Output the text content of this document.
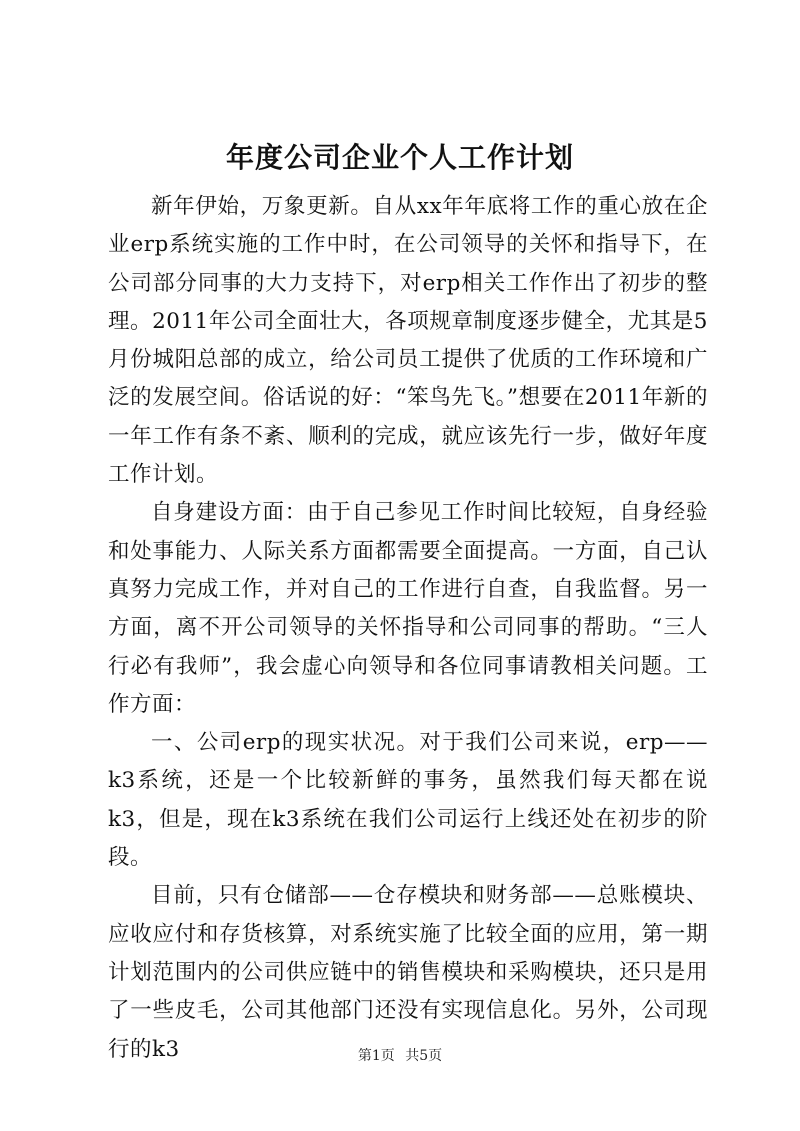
年度公司企业个人工作计划

新年伊始，万象更新。自从xx年年底将工作的重心放在企业erp系统实施的工作中时，在公司领导的关怀和指导下，在公司部分同事的大力支持下，对erp相关工作作出了初步的整理。2011年公司全面壮大，各项规章制度逐步健全，尤其是5月份城阳总部的成立，给公司员工提供了优质的工作环境和广泛的发展空间。俗话说的好：“笨鸟先飞。”想要在2011年新的一年工作有条不紊、顺利的完成，就应该先行一步，做好年度工作计划。

自身建设方面：由于自己参见工作时间比较短，自身经验和处事能力、人际关系方面都需要全面提高。一方面，自己认真努力完成工作，并对自己的工作进行自查，自我监督。另一方面，离不开公司领导的关怀指导和公司同事的帮助。“三人行必有我师”，我会虚心向领导和各位同事请教相关问题。工作方面：

一、公司erp的现实状况。对于我们公司来说，erp——k3系统，还是一个比较新鲜的事务，虽然我们每天都在说k3，但是，现在k3系统在我们公司运行上线还处在初步的阶段。

目前，只有仓储部——仓存模块和财务部——总账模块、应收应付和存货核算，对系统实施了比较全面的应用，第一期计划范围内的公司供应链中的销售模块和采购模块，还只是用了一些皮毛，公司其他部门还没有实现信息化。另外，公司现行的k3	第1页 共5页
